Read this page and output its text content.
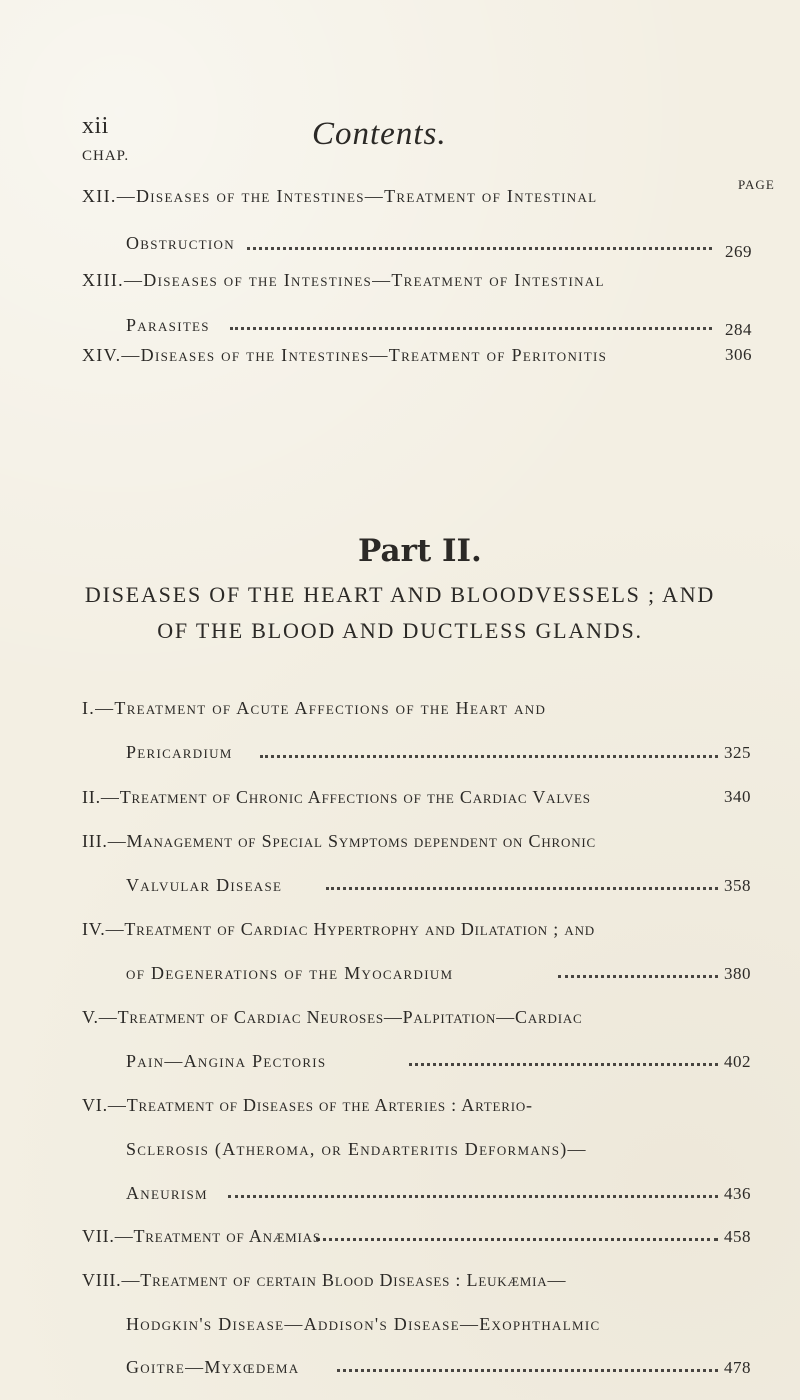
xii	Contents.
CHAP.
PAGE
XII.—Diseases of the Intestines—Treatment of Intestinal
Obstruction	269
XIII.—Diseases of the Intestines—Treatment of Intestinal
Parasites	284
XIV.—Diseases of the Intestines—Treatment of Peritonitis	306
Part II.
DISEASES OF THE HEART AND BLOODVESSELS ; AND
OF THE BLOOD AND DUCTLESS GLANDS.
I.—Treatment of Acute Affections of the Heart and
Pericardium	325
II.—Treatment of Chronic Affections of the Cardiac Valves	340
III.—Management of Special Symptoms dependent on Chronic
Valvular Disease	358
IV.—Treatment of Cardiac Hypertrophy and Dilatation ; and
of Degenerations of the Myocardium	380
V.—Treatment of Cardiac Neuroses—Palpitation—Cardiac
Pain—Angina Pectoris	402
VI.—Treatment of Diseases of the Arteries : Arterio-
Sclerosis (Atheroma, or Endarteritis Deformans)—
Aneurism	436
VII.—Treatment of Anæmias	458
VIII.—Treatment of certain Blood Diseases : Leukæmia—
Hodgkin's Disease—Addison's Disease—Exophthalmic
Goitre—Myxœdema	478
